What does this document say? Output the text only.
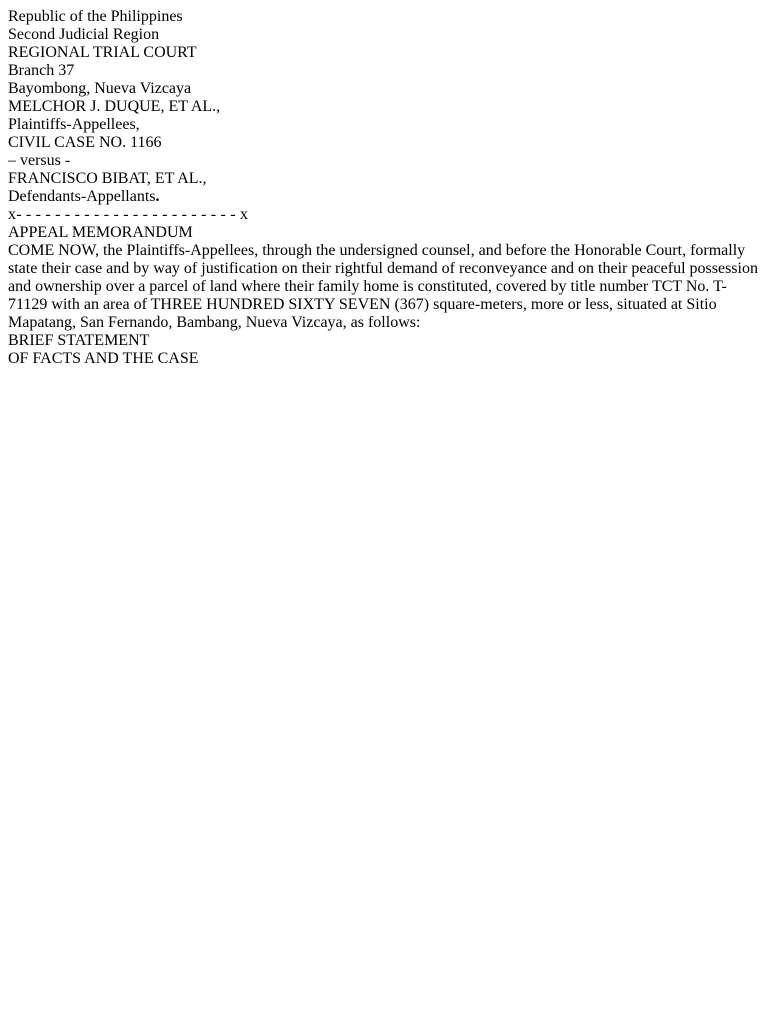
Republic of the Philippines
Second Judicial Region
REGIONAL TRIAL COURT
Branch 37
Bayombong, Nueva Vizcaya
MELCHOR J. DUQUE, ET AL.,
Plaintiffs-Appellees,
CIVIL CASE NO. 1166
– versus -
FRANCISCO BIBAT, ET AL.,
Defendants-Appellants.
x- - - - - - - - - - - - - - - - - - - - - - - x
APPEAL MEMORANDUM
COME NOW, the Plaintiffs-Appellees, through the undersigned counsel, and before the Honorable Court, formally state their case and by way of justification on their rightful demand of reconveyance and on their peaceful possession and ownership over a parcel of land where their family home is constituted, covered by title number TCT No. T-71129 with an area of THREE HUNDRED SIXTY SEVEN (367) square-meters, more or less, situated at Sitio Mapatang, San Fernando, Bambang, Nueva Vizcaya, as follows:
BRIEF STATEMENT
OF FACTS AND THE CASE
